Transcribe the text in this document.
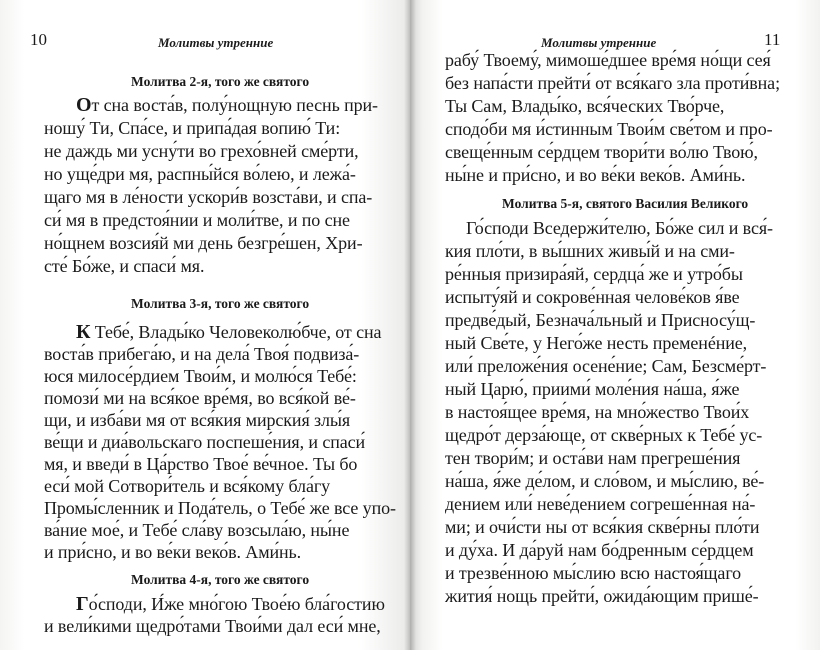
10	Молитвы утренние
Молитва 2-я, того же святого
От сна воста́в, полу́нощную песнь при-
ношу́ Ти, Спа́се, и припа́дая вопию́ Ти:
не даждь ми усну́ти во грехо́вней сме́рти,
но уще́дри мя, распны́йся во́лею, и лежа́-
щаго мя в ле́ности ускори́в возста́ви, и спа-
си́ мя в предстоя́нии и моли́тве, и по сне
но́щнем возсия́й ми день безгре́шен, Хри-
сте́ Бо́же, и спаси́ мя.
Молитва 3-я, того же святого
К Тебе́, Влады́ко Человеколю́бче, от сна
воста́в прибега́ю, и на дела́ Твоя́ подвиза́-
юся милосе́рдием Твои́м, и молю́ся Тебе́:
помози́ ми на вся́кое вре́мя, во вся́кой ве́-
щи, и изба́ви мя от вся́кия мирския́ злы́я
ве́щи и диа́вольскаго поспеше́ния, и спаси́
мя, и введи́ в Ца́рство Твое́ ве́чное. Ты бо
еси́ мой Сотвори́тель и вся́кому бла́гу
Промы́сленник и Пода́тель, о Тебе́ же все упо-
ва́ние мое́, и Тебе́ сла́ву возсыла́ю, ны́не
и при́сно, и во ве́ки веко́в. Ами́нь.
Молитва 4-я, того же святого
Го́споди, И́же мно́гою Твое́ю бла́гостию
и вели́кими щедро́тами Твои́ми дал еси́ мне,
11
Молитвы утренние
рабу́ Твоему́, мимоше́дшее вре́мя но́щи сея́
без напа́сти прейти́ от вся́каго зла проти́вна;
Ты Сам, Влады́ко, вся́ческих Тво́рче,
сподо́би мя и́стинным Твои́м све́том и про-
свеще́нным се́рдцем твори́ти во́лю Твою́,
ны́не и при́сно, и во ве́ки веко́в. Ами́нь.
Молитва 5-я, святого Василия Великого
Го́споди Вседержи́телю, Бо́же сил и вся́-
кия пло́ти, в вы́шних живы́й и на сми-
ре́нныя призира́яй, сердца́ же и утро́бы
испыту́яй и сокрове́нная челове́ков я́ве
предве́дый, Безнача́льный и Присносу́щ-
ный Све́те, у Него́же несть пременéние,
или́ преложе́ния осене́ние; Сам, Безсме́рт-
ный Царю́, приими́ моле́ния на́ша, я́же
в настоя́щее вре́мя, на мно́жество Твои́х
щедро́т дерза́юще, от скве́рных к Тебе́ ус-
тен твори́м; и оста́ви нам прегреше́ния
на́ша, я́же де́лом, и сло́вом, и мы́слию, ве́-
дением или́ неве́дением согреше́нная на́-
ми; и очи́сти ны от вся́кия скве́рны пло́ти
и ду́ха. И да́руй нам бо́дренным се́рдцем
и трезве́нною мы́слию всю настоя́щаго
жития́ нощь прейти́, ожида́ющим прише́-
